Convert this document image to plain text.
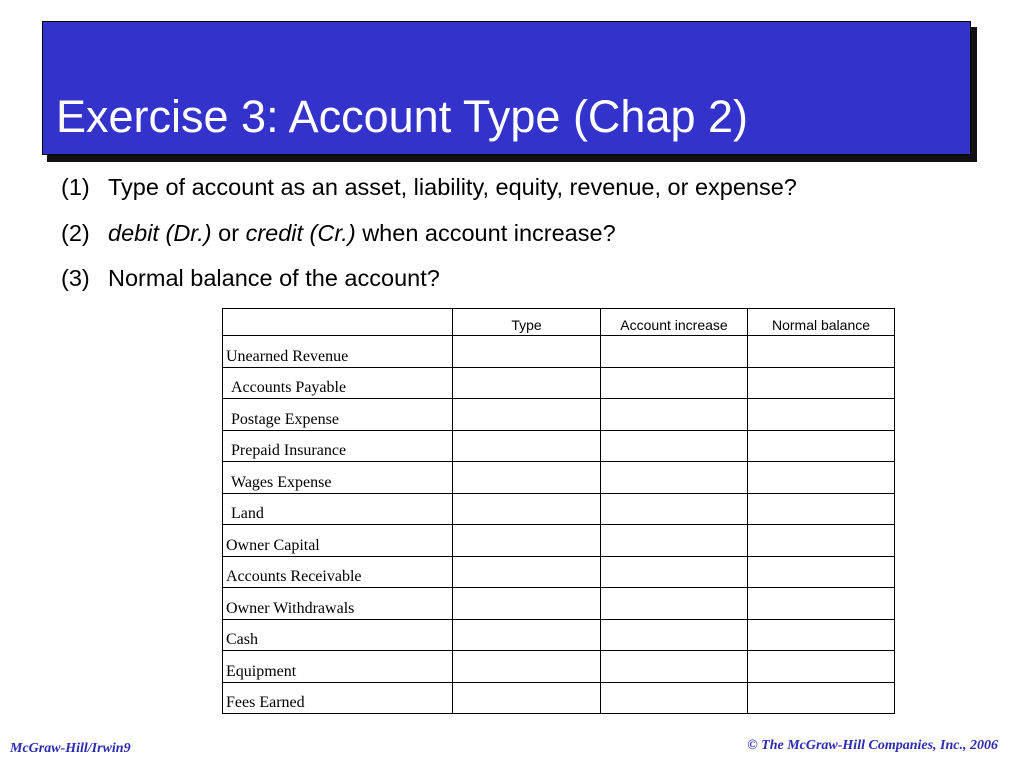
Exercise 3: Account Type (Chap 2)
(1) Type of account as an asset, liability, equity, revenue, or expense?
(2) debit (Dr.) or credit (Cr.) when account increase?
(3) Normal balance of the account?
	Type	Account increase	Normal balance
Unearned Revenue			
Accounts Payable			
Postage Expense			
Prepaid Insurance			
Wages Expense			
Land			
Owner Capital			
Accounts Receivable			
Owner Withdrawals			
Cash			
Equipment			
Fees Earned			
McGraw-Hill/Irwin9	© The McGraw-Hill Companies, Inc., 2006
